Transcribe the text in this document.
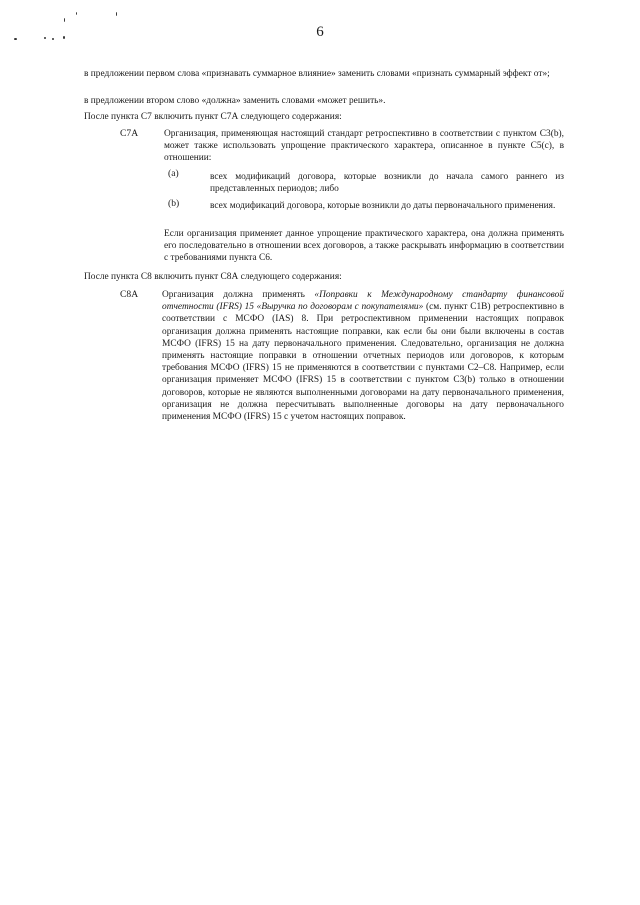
6

в предложении первом слова «признавать суммарное влияние» заменить словами «признать суммарный эффект от»;

в предложении втором слово «должна» заменить словами «может решить».

После пункта С7 включить пункт С7А следующего содержания:

С7А	Организация, применяющая настоящий стандарт ретроспективно в соответствии с пунктом С3(b), может также использовать упрощение практического характера, описанное в пункте С5(с), в отношении:

(a)	всех модификаций договора, которые возникли до начала самого раннего из представленных периодов; либо

(b)	всех модификаций договора, которые возникли до даты первоначального применения.

Если организация применяет данное упрощение практического характера, она должна применять его последовательно в отношении всех договоров, а также раскрывать информацию в соответствии с требованиями пункта С6.

После пункта С8 включить пункт С8А следующего содержания:

С8А	Организация должна применять «Поправки к Международному стандарту финансовой отчетности (IFRS) 15 «Выручка по договорам с покупателями» (см. пункт С1В) ретроспективно в соответствии с МСФО (IAS) 8. При ретроспективном применении настоящих поправок организация должна применять настоящие поправки, как если бы они были включены в состав МСФО (IFRS) 15 на дату первоначального применения. Следовательно, организация не должна применять настоящие поправки в отношении отчетных периодов или договоров, к которым требования МСФО (IFRS) 15 не применяются в соответствии с пунктами С2–С8. Например, если организация применяет МСФО (IFRS) 15 в соответствии с пунктом С3(b) только в отношении договоров, которые не являются выполненными договорами на дату первоначального применения, организация не должна пересчитывать выполненные договоры на дату первоначального применения МСФО (IFRS) 15 с учетом настоящих поправок.
